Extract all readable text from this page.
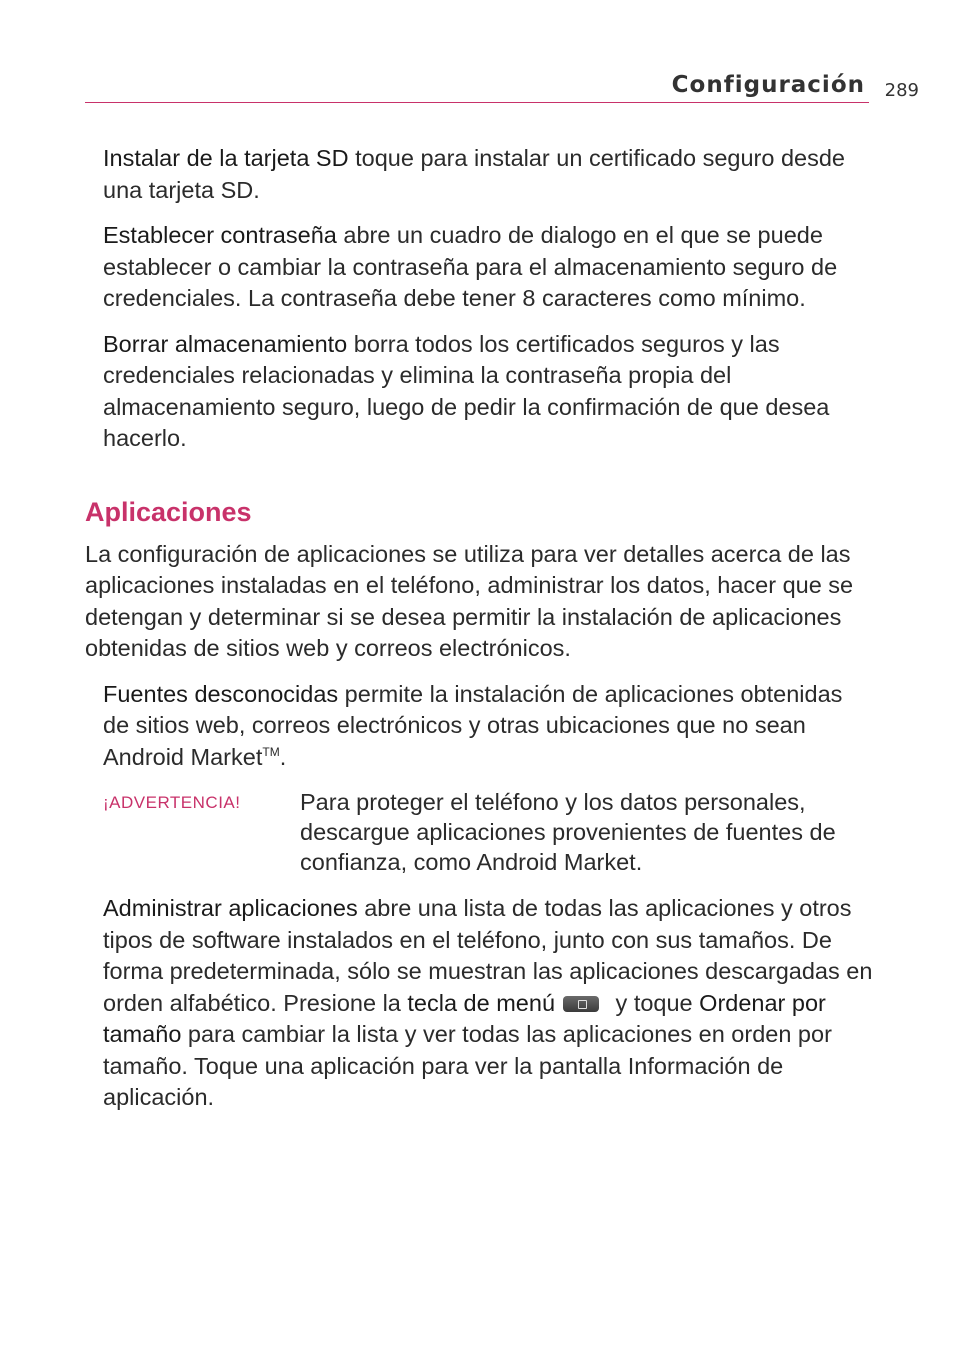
Configuración 289

Instalar de la tarjeta SD toque para instalar un certificado seguro desde una tarjeta SD.

Establecer contraseña abre un cuadro de dialogo en el que se puede establecer o cambiar la contraseña para el almacenamiento seguro de credenciales. La contraseña debe tener 8 caracteres como mínimo.

Borrar almacenamiento borra todos los certificados seguros y las credenciales relacionadas y elimina la contraseña propia del almacenamiento seguro, luego de pedir la confirmación de que desea hacerlo.

Aplicaciones

La configuración de aplicaciones se utiliza para ver detalles acerca de las aplicaciones instaladas en el teléfono, administrar los datos, hacer que se detengan y determinar si se desea permitir la instalación de aplicaciones obtenidas de sitios web y correos electrónicos.

Fuentes desconocidas permite la instalación de aplicaciones obtenidas de sitios web, correos electrónicos y otras ubicaciones que no sean Android Market™.

¡ADVERTENCIA!	Para proteger el teléfono y los datos personales, descargue aplicaciones provenientes de fuentes de confianza, como Android Market.

Administrar aplicaciones abre una lista de todas las aplicaciones y otros tipos de software instalados en el teléfono, junto con sus tamaños. De forma predeterminada, sólo se muestran las aplicaciones descargadas en orden alfabético. Presione la tecla de menú y toque Ordenar por tamaño para cambiar la lista y ver todas las aplicaciones en orden por tamaño. Toque una aplicación para ver la pantalla Información de aplicación.
